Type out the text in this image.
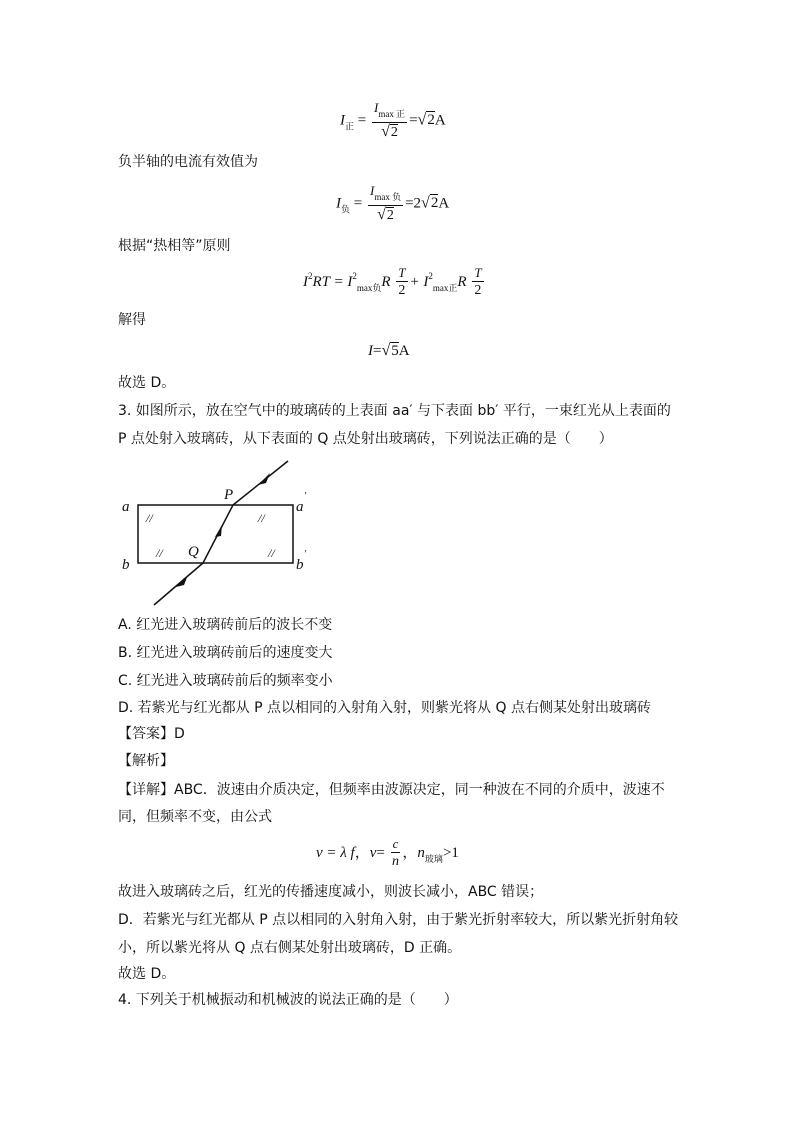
$I_正 = \frac{I_{max 正}}{√2} =√2A$
负半轴的电流有效值为
$I_负 = \frac{I_{max 负}}{√2} =2√2A$
根据“热相等”原则
$I^2RT = I^2_{max负}R \frac{T}{2} + I^2_{max正}R \frac{T}{2}$
解得
I=√5A
故选 D。
3. 如图所示，放在空气中的玻璃砖的上表面 aa′ 与下表面 bb′ 平行，一束红光从上表面的
P 点处射入玻璃砖，从下表面的 Q 点处射出玻璃砖，下列说法正确的是（　　）
//	//
//	//
a	a
'
b	b
'
P
Q
A. 红光进入玻璃砖前后的波长不变
B. 红光进入玻璃砖前后的速度变大
C. 红光进入玻璃砖前后的频率变小
D. 若紫光与红光都从 P 点以相同的入射角入射，则紫光将从 Q 点右侧某处射出玻璃砖
【答案】D
【解析】
【详解】ABC．波速由介质决定，但频率由波源决定，同一种波在不同的介质中，波速不
同，但频率不变，由公式
v = λ f，$v= \frac{c}{n}$ ，$n_{玻璃}>1$
故进入玻璃砖之后，红光的传播速度减小，则波长减小，ABC 错误；
D．若紫光与红光都从 P 点以相同的入射角入射，由于紫光折射率较大，所以紫光折射角较
小，所以紫光将从 Q 点右侧某处射出玻璃砖，D 正确。
故选 D。
4. 下列关于机械振动和机械波的说法正确的是（　　）
